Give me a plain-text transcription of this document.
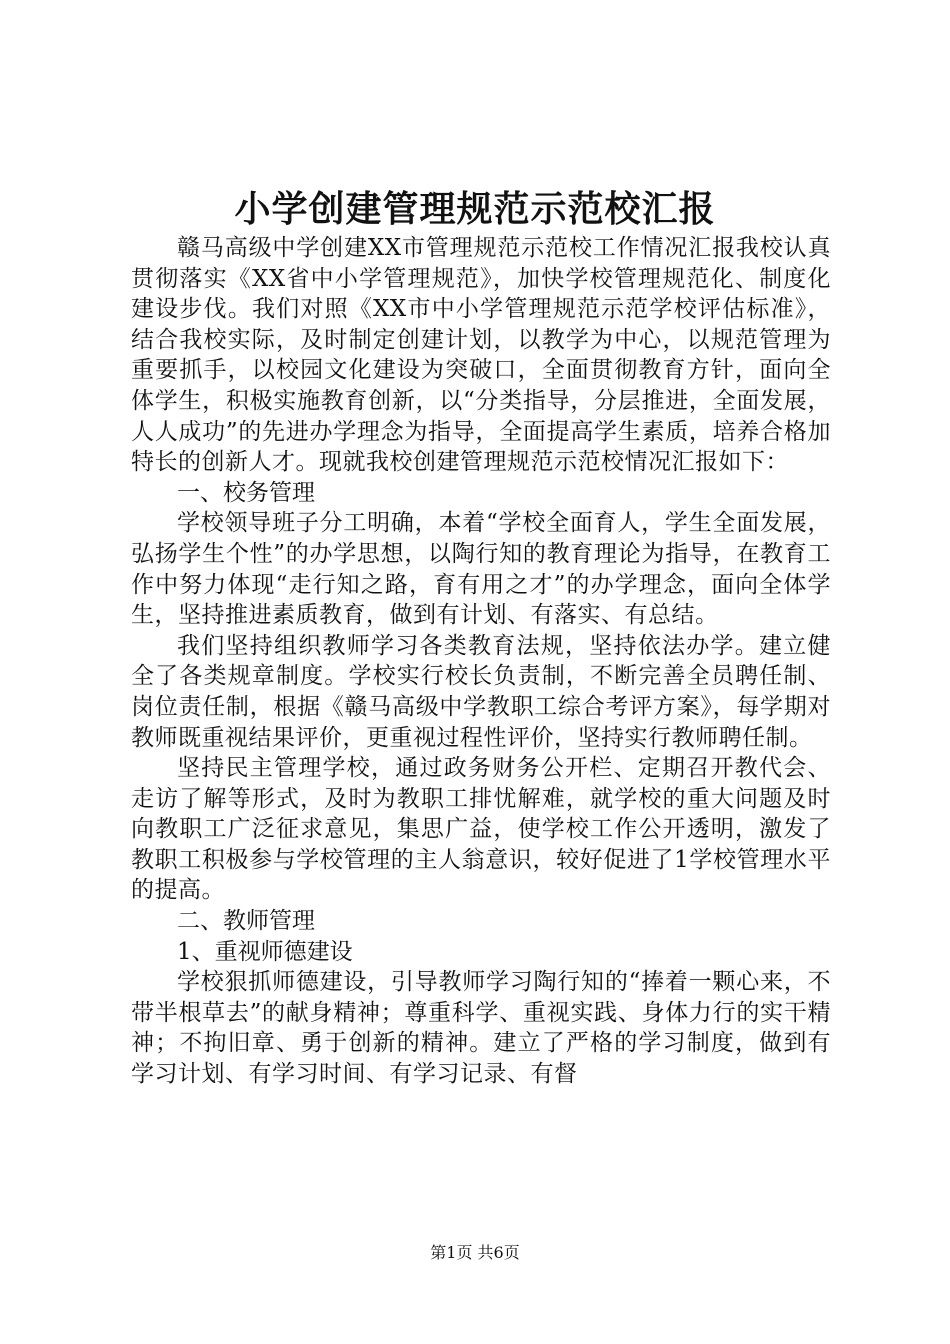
小学创建管理规范示范校汇报

赣马高级中学创建XX市管理规范示范校工作情况汇报我校认真贯彻落实《XX省中小学管理规范》，加快学校管理规范化、制度化建设步伐。我们对照《XX市中小学管理规范示范学校评估标准》，结合我校实际，及时制定创建计划，以教学为中心，以规范管理为重要抓手，以校园文化建设为突破口，全面贯彻教育方针，面向全体学生，积极实施教育创新，以“分类指导，分层推进，全面发展，人人成功”的先进办学理念为指导，全面提高学生素质，培养合格加特长的创新人才。现就我校创建管理规范示范校情况汇报如下：

一、校务管理

学校领导班子分工明确，本着“学校全面育人，学生全面发展，弘扬学生个性”的办学思想，以陶行知的教育理论为指导，在教育工作中努力体现“走行知之路，育有用之才”的办学理念，面向全体学生，坚持推进素质教育，做到有计划、有落实、有总结。

我们坚持组织教师学习各类教育法规，坚持依法办学。建立健全了各类规章制度。学校实行校长负责制，不断完善全员聘任制、岗位责任制，根据《赣马高级中学教职工综合考评方案》，每学期对教师既重视结果评价，更重视过程性评价，坚持实行教师聘任制。

坚持民主管理学校，通过政务财务公开栏、定期召开教代会、走访了解等形式，及时为教职工排忧解难，就学校的重大问题及时向教职工广泛征求意见，集思广益，使学校工作公开透明，激发了教职工积极参与学校管理的主人翁意识，较好促进了1学校管理水平的提高。

二、教师管理

1、重视师德建设

学校狠抓师德建设，引导教师学习陶行知的“捧着一颗心来，不带半根草去”的献身精神；尊重科学、重视实践、身体力行的实干精神；不拘旧章、勇于创新的精神。建立了严格的学习制度，做到有学习计划、有学习时间、有学习记录、有督

第1页 共6页
